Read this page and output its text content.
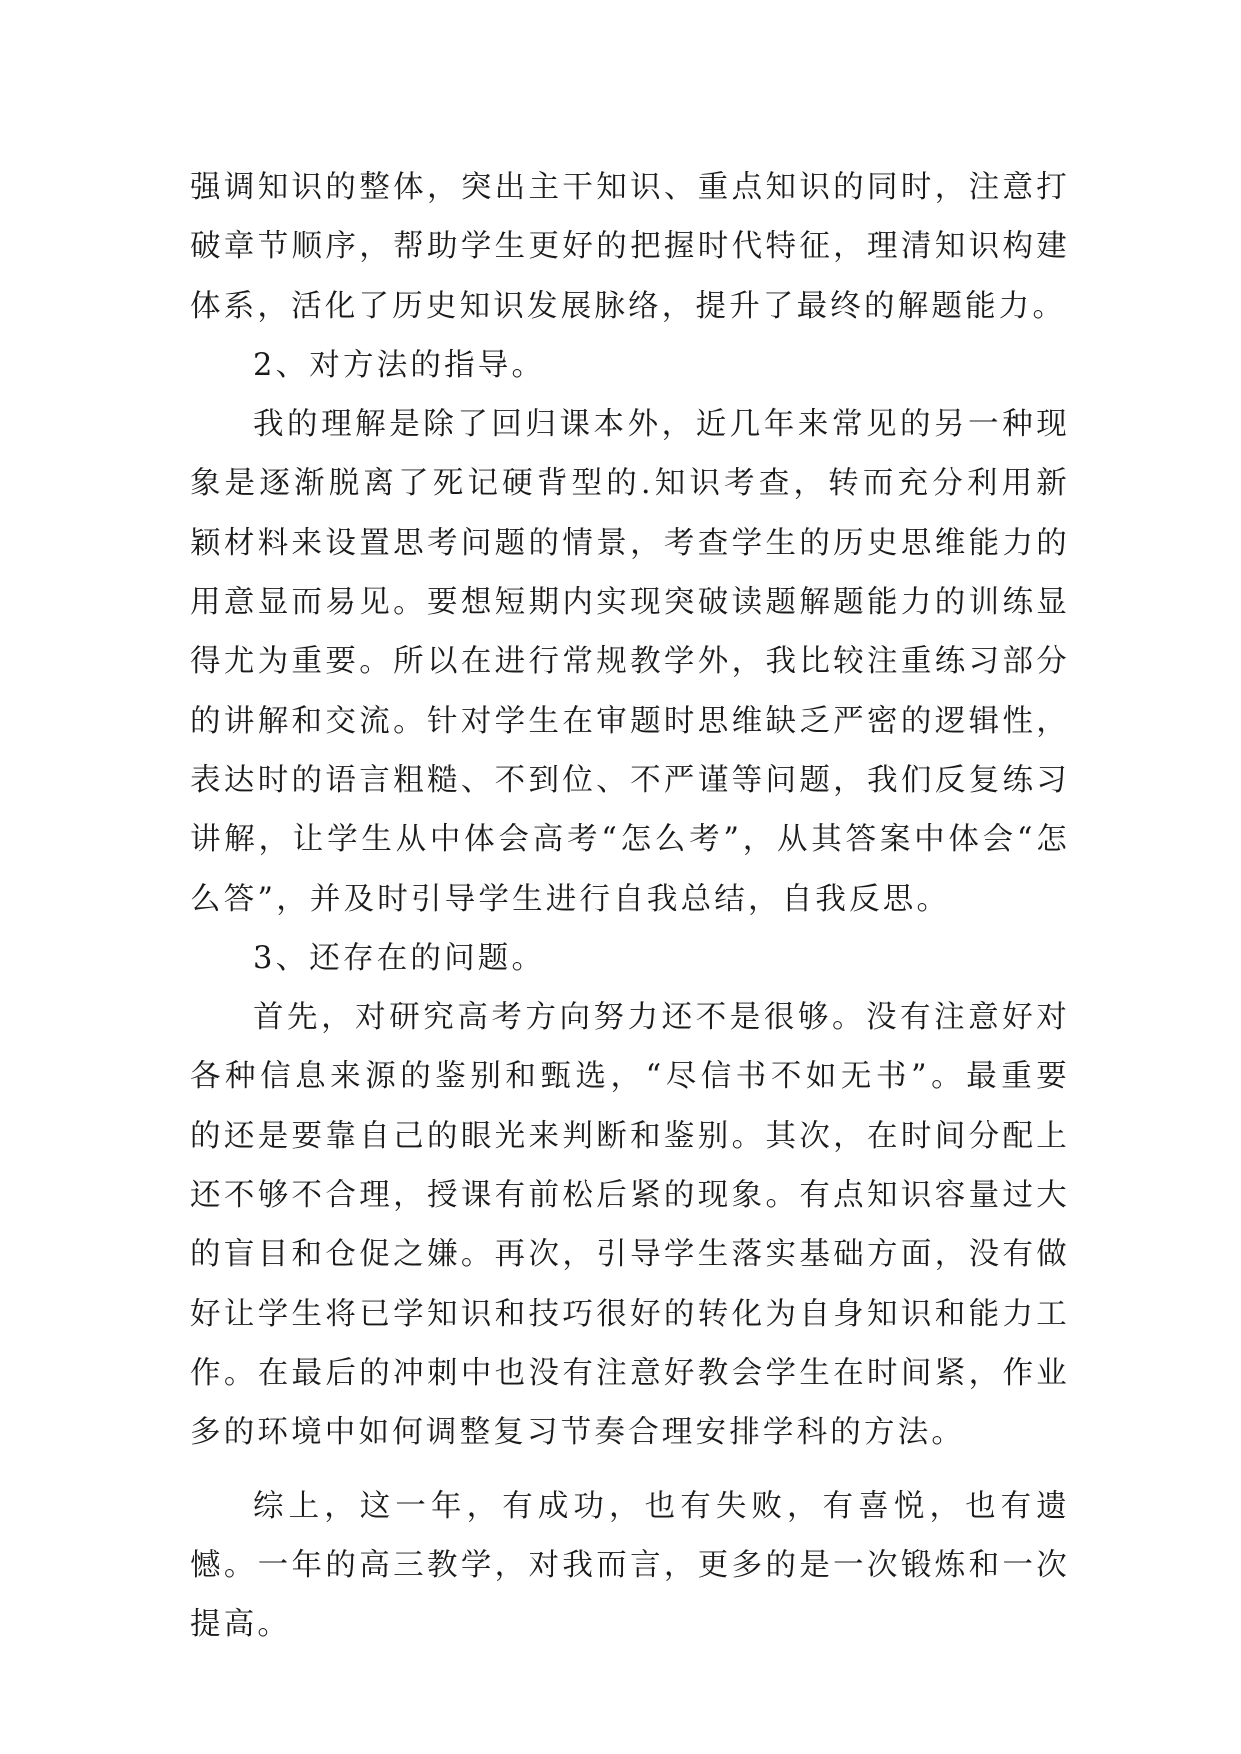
强调知识的整体，突出主干知识、重点知识的同时，注意打破章节顺序，帮助学生更好的把握时代特征，理清知识构建体系，活化了历史知识发展脉络，提升了最终的解题能力。

2、对方法的指导。

我的理解是除了回归课本外，近几年来常见的另一种现象是逐渐脱离了死记硬背型的.知识考查，转而充分利用新颖材料来设置思考问题的情景，考查学生的历史思维能力的用意显而易见。要想短期内实现突破读题解题能力的训练显得尤为重要。所以在进行常规教学外，我比较注重练习部分的讲解和交流。针对学生在审题时思维缺乏严密的逻辑性，表达时的语言粗糙、不到位、不严谨等问题，我们反复练习讲解，让学生从中体会高考“怎么考”，从其答案中体会“怎么答”，并及时引导学生进行自我总结，自我反思。

3、还存在的问题。

首先，对研究高考方向努力还不是很够。没有注意好对各种信息来源的鉴别和甄选，“尽信书不如无书”。最重要的还是要靠自己的眼光来判断和鉴别。其次，在时间分配上还不够不合理，授课有前松后紧的现象。有点知识容量过大的盲目和仓促之嫌。再次，引导学生落实基础方面，没有做好让学生将已学知识和技巧很好的转化为自身知识和能力工作。在最后的冲刺中也没有注意好教会学生在时间紧，作业多的环境中如何调整复习节奏合理安排学科的方法。

综上，这一年，有成功，也有失败，有喜悦，也有遗憾。一年的高三教学，对我而言，更多的是一次锻炼和一次提高。
